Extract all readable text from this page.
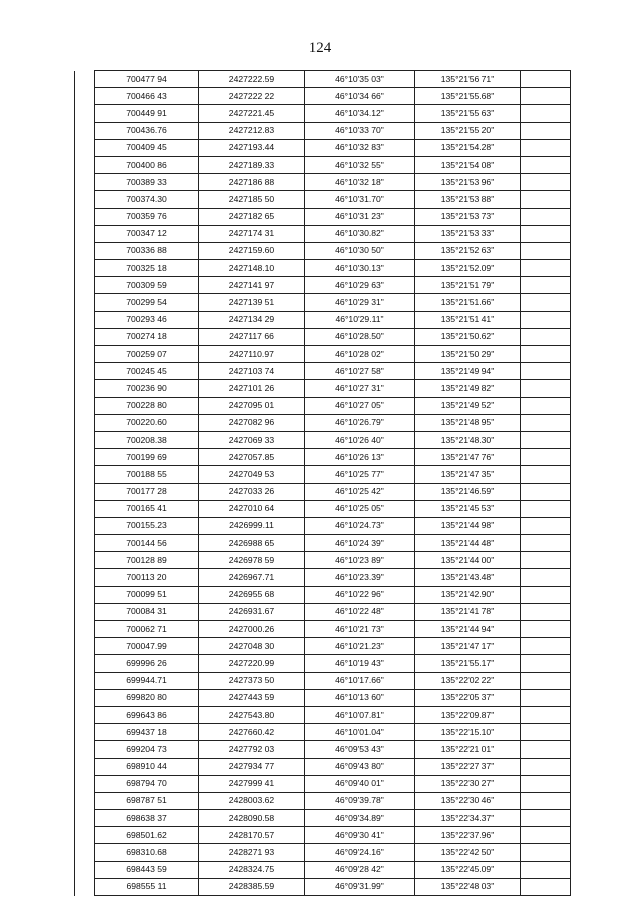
124
	700477 94	2427222.59	46°10'35 03"	135°21'56 71"	
	700466 43	2427222 22	46°10'34 66"	135°21'55.68"	
	700449 91	2427221.45	46°10'34.12"	135°21'55 63"	
	700436.76	2427212.83	46°10'33 70"	135°21'55 20"	
	700409 45	2427193.44	46°10'32 83"	135°21'54.28"	
	700400 86	2427189.33	46°10'32 55"	135°21'54 08"	
	700389 33	2427186 88	46°10'32 18"	135°21'53 96"	
	700374.30	2427185 50	46°10'31.70"	135°21'53 88"	
	700359 76	2427182 65	46°10'31 23"	135°21'53 73"	
	700347 12	2427174 31	46°10'30.82"	135°21'53 33"	
	700336 88	2427159.60	46°10'30 50"	135°21'52 63"	
	700325 18	2427148.10	46°10'30.13"	135°21'52.09"	
	700309 59	2427141 97	46°10'29 63"	135°21'51 79"	
	700299 54	2427139 51	46°10'29 31"	135°21'51.66"	
	700293 46	2427134 29	46°10'29.11"	135°21'51 41"	
	700274 18	2427117 66	46°10'28.50"	135°21'50.62"	
	700259 07	2427110.97	46°10'28 02"	135°21'50 29"	
	700245 45	2427103 74	46°10'27 58"	135°21'49 94"	
	700236 90	2427101 26	46°10'27 31"	135°21'49 82"	
	700228 80	2427095 01	46°10'27 05"	135°21'49 52"	
	700220.60	2427082 96	46°10'26.79"	135°21'48 95"	
	700208.38	2427069 33	46°10'26 40"	135°21'48.30"	
	700199 69	2427057.85	46°10'26 13"	135°21'47 76"	
	700188 55	2427049 53	46°10'25 77"	135°21'47 35"	
	700177 28	2427033 26	46°10'25 42"	135°21'46.59"	
	700165 41	2427010 64	46°10'25 05"	135°21'45 53"	
	700155.23	2426999.11	46°10'24.73"	135°21'44 98"	
	700144 56	2426988 65	46°10'24 39"	135°21'44 48"	
	700128 89	2426978 59	46°10'23 89"	135°21'44 00"	
	700113 20	2426967.71	46°10'23.39"	135°21'43.48"	
	700099 51	2426955 68	46°10'22 96"	135°21'42.90"	
	700084 31	2426931.67	46°10'22 48"	135°21'41 78"	
	700062 71	2427000.26	46°10'21 73"	135°21'44 94"	
	700047.99	2427048 30	46°10'21.23"	135°21'47 17"	
	699996 26	2427220.99	46°10'19 43"	135°21'55.17"	
	699944.71	2427373 50	46°10'17.66"	135°22'02 22"	
	699820 80	2427443 59	46°10'13 60"	135°22'05 37"	
	699643 86	2427543.80	46°10'07.81"	135°22'09.87"	
	699437 18	2427660.42	46°10'01.04"	135°22'15.10"	
	699204 73	2427792 03	46°09'53 43"	135°22'21 01"	
	698910 44	2427934 77	46°09'43 80"	135°22'27 37"	
	698794 70	2427999 41	46°09'40 01"	135°22'30 27"	
	698787 51	2428003.62	46°09'39.78"	135°22'30 46"	
	698638 37	2428090.58	46°09'34.89"	135°22'34.37"	
	698501.62	2428170.57	46°09'30 41"	135°22'37.96"	
	698310.68	2428271 93	46°09'24.16"	135°22'42 50"	
	698443 59	2428324.75	46°09'28 42"	135°22'45.09"	
	698555 11	2428385.59	46°09'31.99"	135°22'48 03"	
